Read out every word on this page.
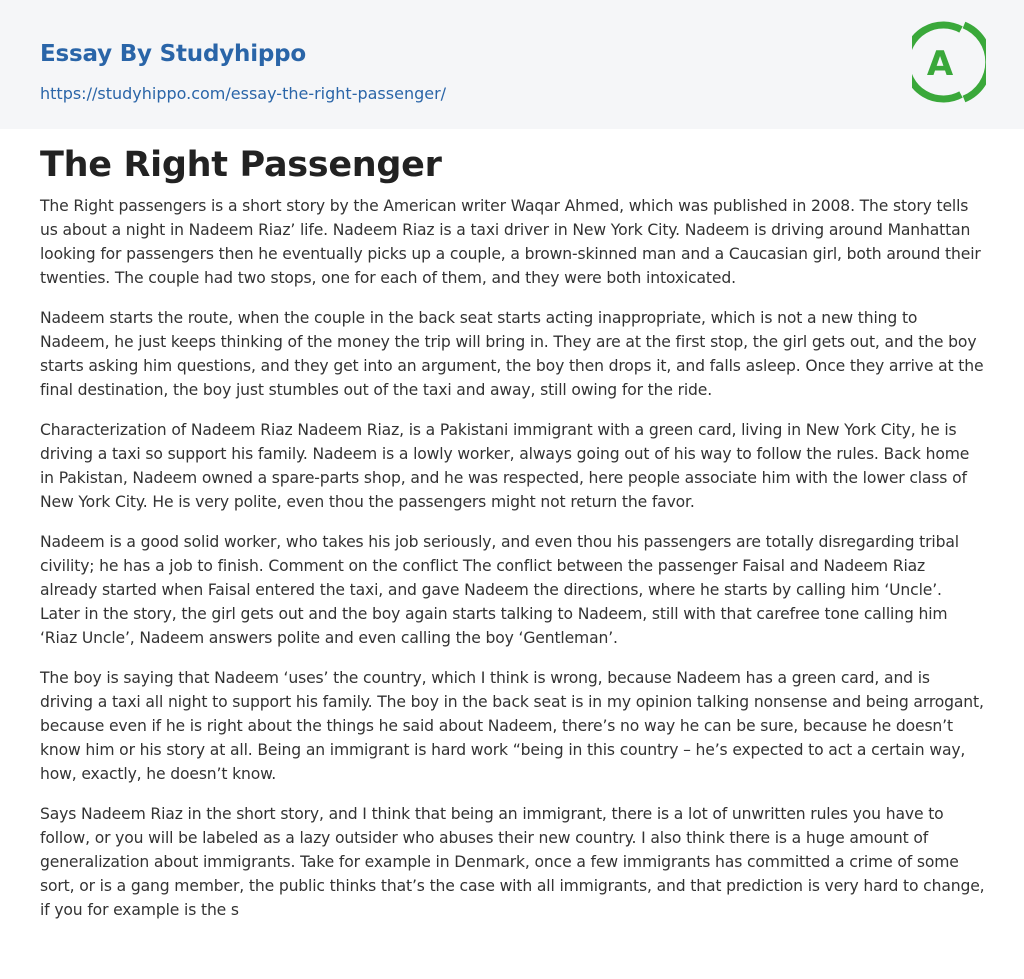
Essay By Studyhippo
https://studyhippo.com/essay-the-right-passenger/
A
The Right Passenger

The Right passengers is a short story by the American writer Waqar Ahmed, which was published in 2008. The story tells us about a night in Nadeem Riaz’ life. Nadeem Riaz is a taxi driver in New York City. Nadeem is driving around Manhattan looking for passengers then he eventually picks up a couple, a brown-skinned man and a Caucasian girl, both around their twenties. The couple had two stops, one for each of them, and they were both intoxicated.

Nadeem starts the route, when the couple in the back seat starts acting inappropriate, which is not a new thing to Nadeem, he just keeps thinking of the money the trip will bring in. They are at the first stop, the girl gets out, and the boy starts asking him questions, and they get into an argument, the boy then drops it, and falls asleep. Once they arrive at the final destination, the boy just stumbles out of the taxi and away, still owing for the ride.

Characterization of Nadeem Riaz Nadeem Riaz, is a Pakistani immigrant with a green card, living in New York City, he is driving a taxi so support his family. Nadeem is a lowly worker, always going out of his way to follow the rules. Back home in Pakistan, Nadeem owned a spare-parts shop, and he was respected, here people associate him with the lower class of New York City. He is very polite, even thou the passengers might not return the favor.

Nadeem is a good solid worker, who takes his job seriously, and even thou his passengers are totally disregarding tribal civility; he has a job to finish. Comment on the conflict The conflict between the passenger Faisal and Nadeem Riaz already started when Faisal entered the taxi, and gave Nadeem the directions, where he starts by calling him ‘Uncle’. Later in the story, the girl gets out and the boy again starts talking to Nadeem, still with that carefree tone calling him ‘Riaz Uncle’, Nadeem answers polite and even calling the boy ‘Gentleman’.

The boy is saying that Nadeem ‘uses’ the country, which I think is wrong, because Nadeem has a green card, and is driving a taxi all night to support his family. The boy in the back seat is in my opinion talking nonsense and being arrogant, because even if he is right about the things he said about Nadeem, there’s no way he can be sure, because he doesn’t know him or his story at all. Being an immigrant is hard work “being in this country – he’s expected to act a certain way, how, exactly, he doesn’t know.

Says Nadeem Riaz in the short story, and I think that being an immigrant, there is a lot of unwritten rules you have to follow, or you will be labeled as a lazy outsider who abuses their new country. I also think there is a huge amount of generalization about immigrants. Take for example in Denmark, once a few immigrants has committed a crime of some sort, or is a gang member, the public thinks that’s the case with all immigrants, and that prediction is very hard to change, if you for example is the s
